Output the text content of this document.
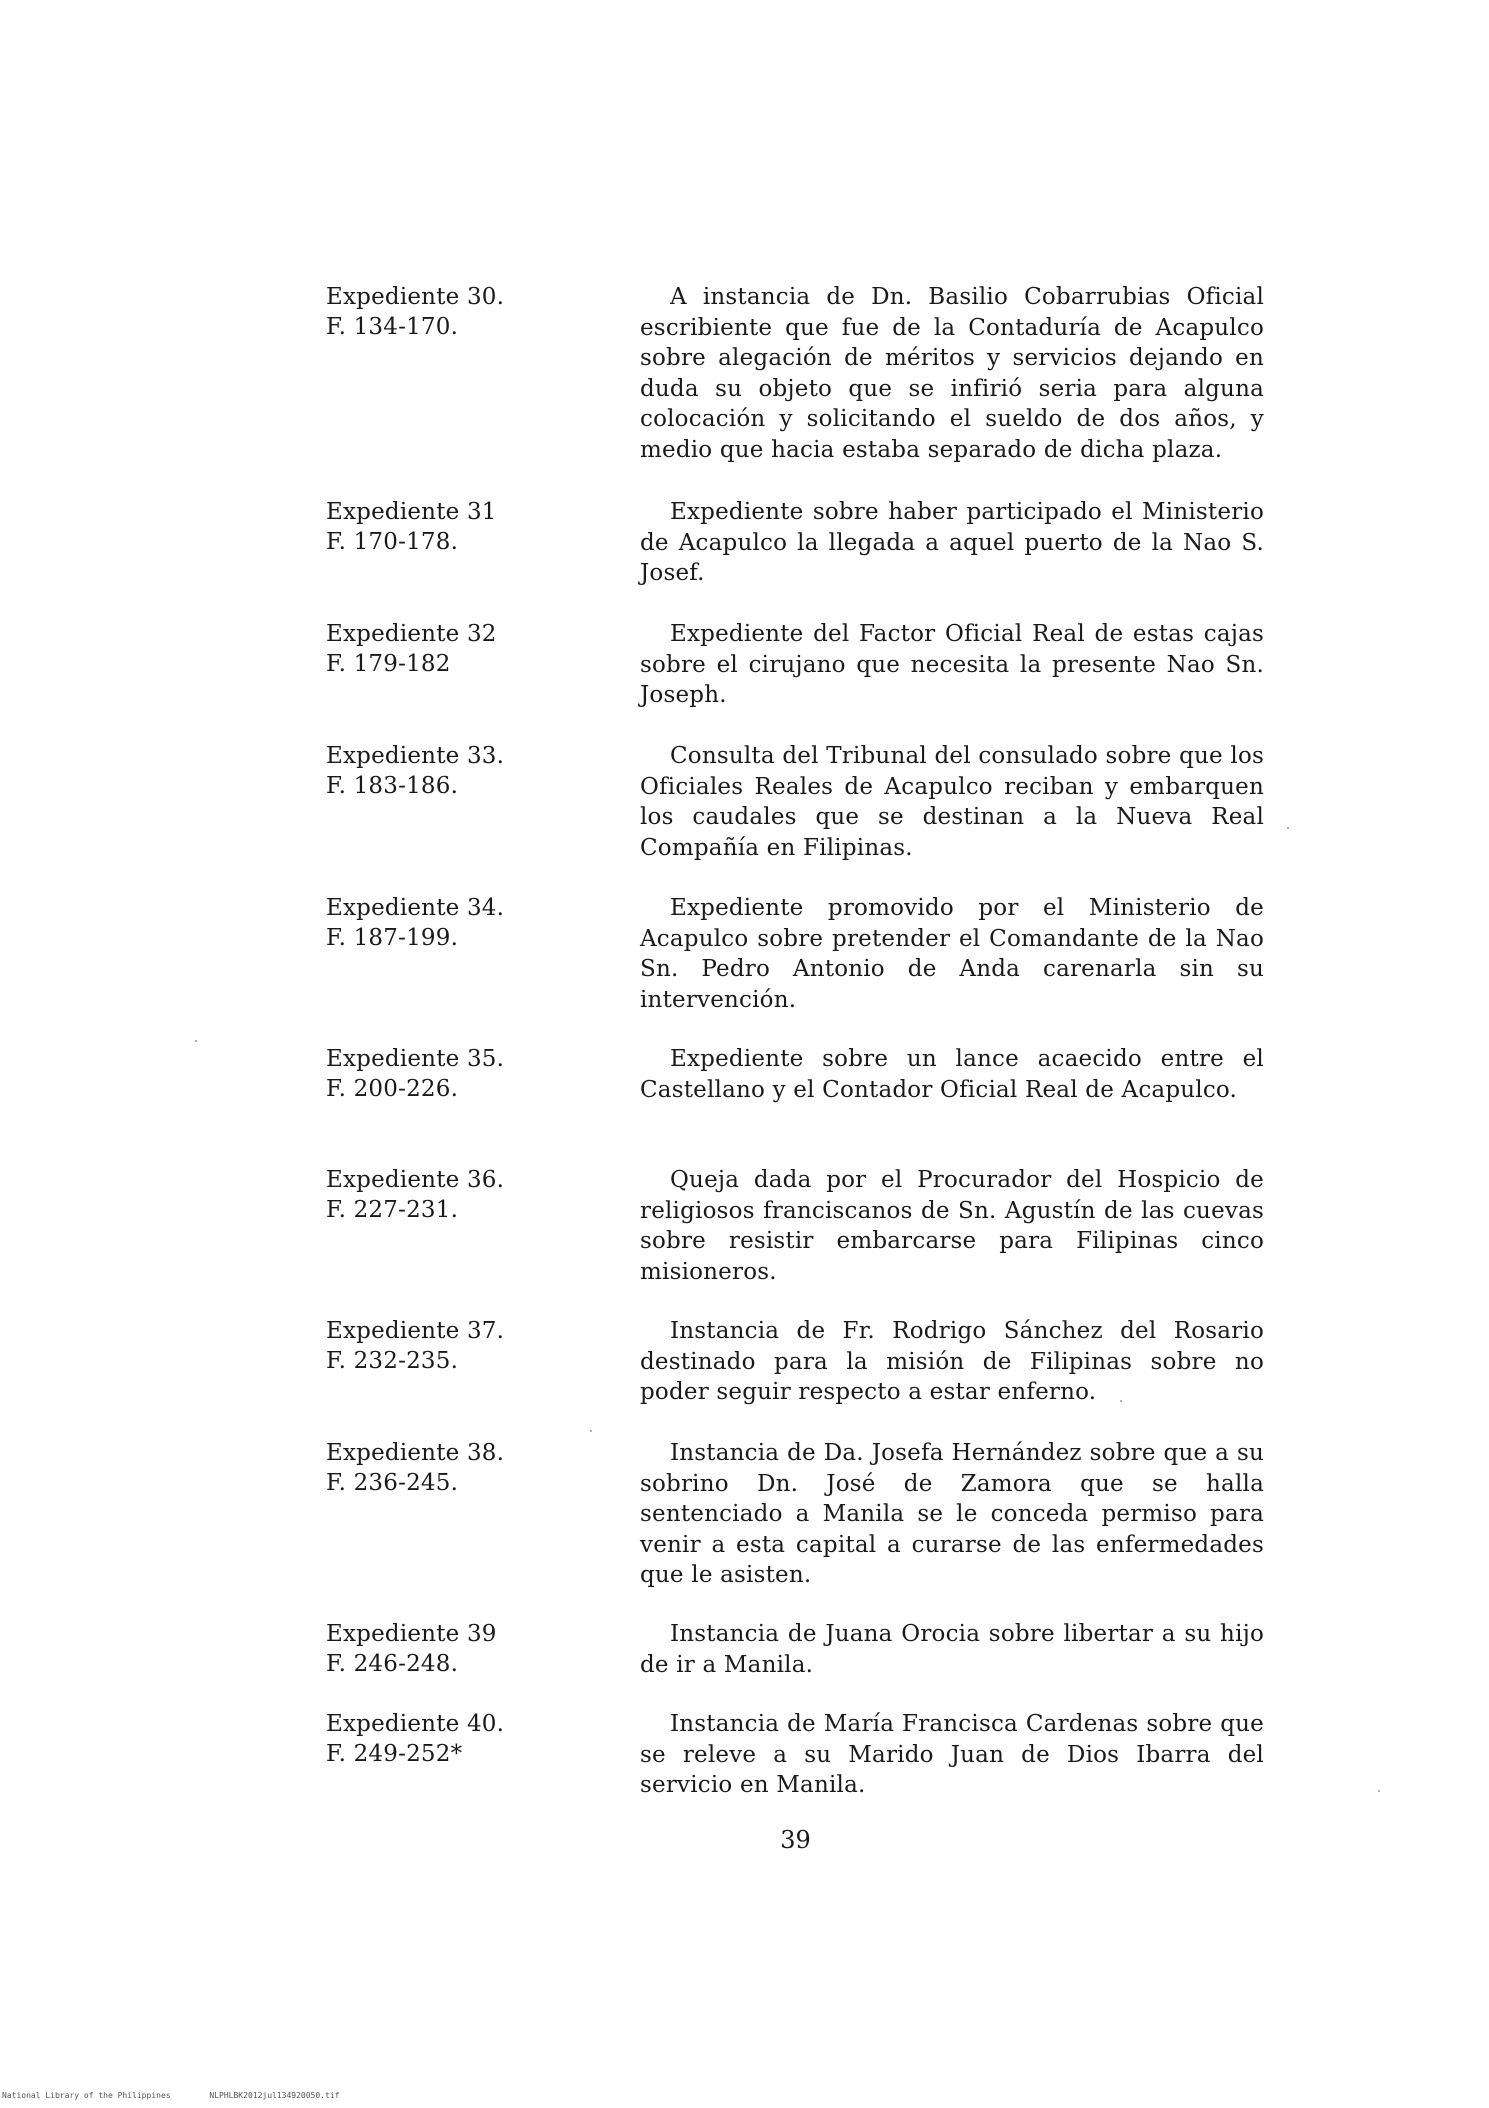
Expediente 30.
F. 134-170.
A instancia de Dn. Basilio Cobarrubias Oficial escribiente que fue de la Contaduría de Acapulco sobre alegación de méritos y servicios dejando en duda su objeto que se infirió seria para alguna colocación y solicitando el sueldo de dos años, y medio que hacia estaba separado de dicha plaza.
Expediente 31
F. 170-178.
Expediente sobre haber participado el Ministerio de Acapulco la llegada a aquel puerto de la Nao S. Josef.
Expediente 32
F. 179-182
Expediente del Factor Oficial Real de estas cajas sobre el cirujano que necesita la presente Nao Sn. Joseph.
Expediente 33.
F. 183-186.
Consulta del Tribunal del consulado sobre que los Oficiales Reales de Acapulco reciban y embarquen los caudales que se destinan a la Nueva Real Compañía en Filipinas.
Expediente 34.
F. 187-199.
Expediente promovido por el Ministerio de Acapulco sobre pretender el Comandante de la Nao Sn. Pedro Antonio de Anda carenarla sin su intervención.
Expediente 35.
F. 200-226.
Expediente sobre un lance acaecido entre el Castellano y el Contador Oficial Real de Acapulco.
Expediente 36.
F. 227-231.
Queja dada por el Procurador del Hospicio de religiosos franciscanos de Sn. Agustín de las cuevas sobre resistir embarcarse para Filipinas cinco misioneros.
Expediente 37.
F. 232-235.
Instancia de Fr. Rodrigo Sánchez del Rosario destinado para la misión de Filipinas sobre no poder seguir respecto a estar enferno.
Expediente 38.
F. 236-245.
Instancia de Da. Josefa Hernández sobre que a su sobrino Dn. José de Zamora que se halla sentenciado a Manila se le conceda permiso para venir a esta capital a curarse de las enfermedades que le asisten.
Expediente 39
F. 246-248.
Instancia de Juana Orocia sobre libertar a su hijo de ir a Manila.
Expediente 40.
F. 249-252*
Instancia de María Francisca Cardenas sobre que se releve a su Marido Juan de Dios Ibarra del servicio en Manila.
39
National Library of the Philippines	NLPHLBK2012jul134920050.tif
